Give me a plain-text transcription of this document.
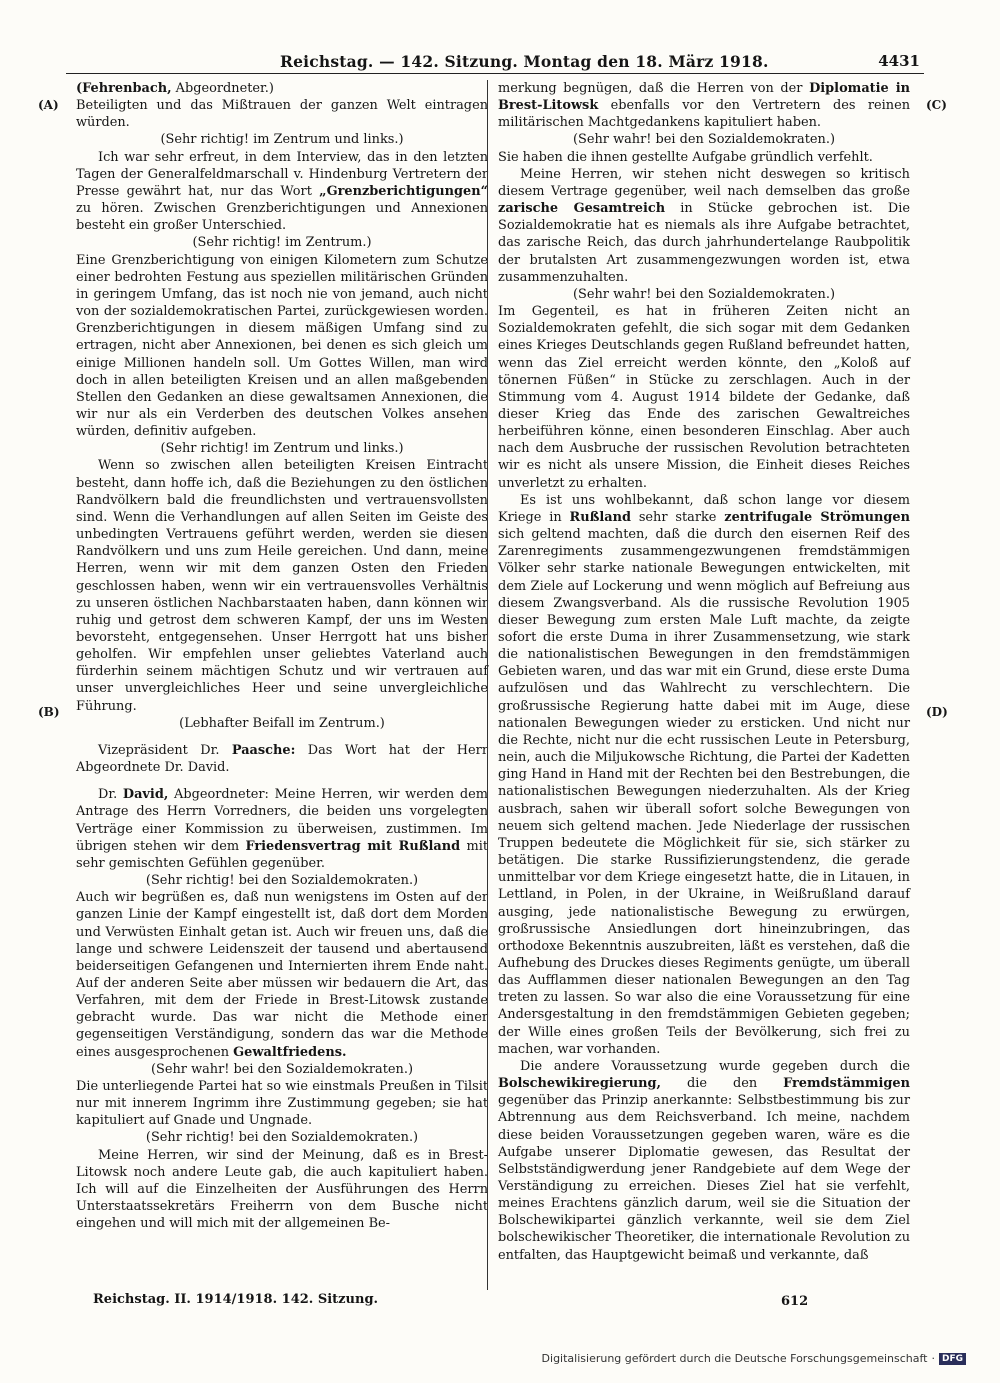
Reichstag. — 142. Sitzung. Montag den 18. März 1918.	4431
(A)
(B)
(C)
(D)

(Fehrenbach, Abgeordneter.)

Beteiligten und das Mißtrauen der ganzen Welt eintragen würden.

(Sehr richtig! im Zentrum und links.)

Ich war sehr erfreut, in dem Interview, das in den letzten Tagen der Generalfeldmarschall v. Hindenburg Vertretern der Presse gewährt hat, nur das Wort „Grenzberichtigungen“ zu hören. Zwischen Grenzberichtigungen und Annexionen besteht ein großer Unterschied.

(Sehr richtig! im Zentrum.)

Eine Grenzberichtigung von einigen Kilometern zum Schutze einer bedrohten Festung aus speziellen militärischen Gründen in geringem Umfang, das ist noch nie von jemand, auch nicht von der sozialdemokratischen Partei, zurückgewiesen worden. Grenzberichtigungen in diesem mäßigen Umfang sind zu ertragen, nicht aber Annexionen, bei denen es sich gleich um einige Millionen handeln soll. Um Gottes Willen, man wird doch in allen beteiligten Kreisen und an allen maßgebenden Stellen den Gedanken an diese gewaltsamen Annexionen, die wir nur als ein Verderben des deutschen Volkes ansehen würden, definitiv aufgeben.

(Sehr richtig! im Zentrum und links.)

Wenn so zwischen allen beteiligten Kreisen Eintracht besteht, dann hoffe ich, daß die Beziehungen zu den östlichen Randvölkern bald die freundlichsten und vertrauensvollsten sind. Wenn die Verhandlungen auf allen Seiten im Geiste des unbedingten Vertrauens geführt werden, werden sie diesen Randvölkern und uns zum Heile gereichen. Und dann, meine Herren, wenn wir mit dem ganzen Osten den Frieden geschlossen haben, wenn wir ein vertrauensvolles Verhältnis zu unseren östlichen Nachbarstaaten haben, dann können wir ruhig und getrost dem schweren Kampf, der uns im Westen bevorsteht, entgegensehen. Unser Herrgott hat uns bisher geholfen. Wir empfehlen unser geliebtes Vaterland auch fürderhin seinem mächtigen Schutz und wir vertrauen auf unser unvergleichliches Heer und seine unvergleichliche Führung.

(Lebhafter Beifall im Zentrum.)

Vizepräsident Dr. Paasche: Das Wort hat der Herr Abgeordnete Dr. David.

Dr. David, Abgeordneter: Meine Herren, wir werden dem Antrage des Herrn Vorredners, die beiden uns vorgelegten Verträge einer Kommission zu überweisen, zustimmen. Im übrigen stehen wir dem Friedensvertrag mit Rußland mit sehr gemischten Gefühlen gegenüber.

(Sehr richtig! bei den Sozialdemokraten.)

Auch wir begrüßen es, daß nun wenigstens im Osten auf der ganzen Linie der Kampf eingestellt ist, daß dort dem Morden und Verwüsten Einhalt getan ist. Auch wir freuen uns, daß die lange und schwere Leidenszeit der tausend und abertausend beiderseitigen Gefangenen und Internierten ihrem Ende naht. Auf der anderen Seite aber müssen wir bedauern die Art, das Verfahren, mit dem der Friede in Brest-Litowsk zustande gebracht wurde. Das war nicht die Methode einer gegenseitigen Verständigung, sondern das war die Methode eines ausgesprochenen Gewaltfriedens.

(Sehr wahr! bei den Sozialdemokraten.)

Die unterliegende Partei hat so wie einstmals Preußen in Tilsit nur mit innerem Ingrimm ihre Zustimmung gegeben; sie hat kapituliert auf Gnade und Ungnade.

(Sehr richtig! bei den Sozialdemokraten.)

Meine Herren, wir sind der Meinung, daß es in Brest-Litowsk noch andere Leute gab, die auch kapituliert haben. Ich will auf die Einzelheiten der Ausführungen des Herrn Unterstaatssekretärs Freiherrn von dem Busche nicht eingehen und will mich mit der allgemeinen Be-

merkung begnügen, daß die Herren von der Diplomatie in Brest-Litowsk ebenfalls vor den Vertretern des reinen militärischen Machtgedankens kapituliert haben.

(Sehr wahr! bei den Sozialdemokraten.)

Sie haben die ihnen gestellte Aufgabe gründlich verfehlt.

Meine Herren, wir stehen nicht deswegen so kritisch diesem Vertrage gegenüber, weil nach demselben das große zarische Gesamtreich in Stücke gebrochen ist. Die Sozialdemokratie hat es niemals als ihre Aufgabe betrachtet, das zarische Reich, das durch jahrhundertelange Raubpolitik der brutalsten Art zusammengezwungen worden ist, etwa zusammenzuhalten.

(Sehr wahr! bei den Sozialdemokraten.)

Im Gegenteil, es hat in früheren Zeiten nicht an Sozialdemokraten gefehlt, die sich sogar mit dem Gedanken eines Krieges Deutschlands gegen Rußland befreundet hatten, wenn das Ziel erreicht werden könnte, den „Koloß auf tönernen Füßen“ in Stücke zu zerschlagen. Auch in der Stimmung vom 4. August 1914 bildete der Gedanke, daß dieser Krieg das Ende des zarischen Gewaltreiches herbeiführen könne, einen besonderen Einschlag. Aber auch nach dem Ausbruche der russischen Revolution betrachteten wir es nicht als unsere Mission, die Einheit dieses Reiches unverletzt zu erhalten.

Es ist uns wohlbekannt, daß schon lange vor diesem Kriege in Rußland sehr starke zentrifugale Strömungen sich geltend machten, daß die durch den eisernen Reif des Zarenregiments zusammengezwungenen fremdstämmigen Völker sehr starke nationale Bewegungen entwickelten, mit dem Ziele auf Lockerung und wenn möglich auf Befreiung aus diesem Zwangsverband. Als die russische Revolution 1905 dieser Bewegung zum ersten Male Luft machte, da zeigte sofort die erste Duma in ihrer Zusammensetzung, wie stark die nationalistischen Bewegungen in den fremdstämmigen Gebieten waren, und das war mit ein Grund, diese erste Duma aufzulösen und das Wahlrecht zu verschlechtern. Die großrussische Regierung hatte dabei mit im Auge, diese nationalen Bewegungen wieder zu ersticken. Und nicht nur die Rechte, nicht nur die echt russischen Leute in Petersburg, nein, auch die Miljukowsche Richtung, die Partei der Kadetten ging Hand in Hand mit der Rechten bei den Bestrebungen, die nationalistischen Bewegungen niederzuhalten. Als der Krieg ausbrach, sahen wir überall sofort solche Bewegungen von neuem sich geltend machen. Jede Niederlage der russischen Truppen bedeutete die Möglichkeit für sie, sich stärker zu betätigen. Die starke Russifizierungstendenz, die gerade unmittelbar vor dem Kriege eingesetzt hatte, die in Litauen, in Lettland, in Polen, in der Ukraine, in Weißrußland darauf ausging, jede nationalistische Bewegung zu erwürgen, großrussische Ansiedlungen dort hineinzubringen, das orthodoxe Bekenntnis auszubreiten, läßt es verstehen, daß die Aufhebung des Druckes dieses Regiments genügte, um überall das Aufflammen dieser nationalen Bewegungen an den Tag treten zu lassen. So war also die eine Voraussetzung für eine Andersgestaltung in den fremdstämmigen Gebieten gegeben; der Wille eines großen Teils der Bevölkerung, sich frei zu machen, war vorhanden.

Die andere Voraussetzung wurde gegeben durch die Bolschewikiregierung, die den Fremdstämmigen gegenüber das Prinzip anerkannte: Selbstbestimmung bis zur Abtrennung aus dem Reichsverband. Ich meine, nachdem diese beiden Voraussetzungen gegeben waren, wäre es die Aufgabe unserer Diplomatie gewesen, das Resultat der Selbstständigwerdung jener Randgebiete auf dem Wege der Verständigung zu erreichen. Dieses Ziel hat sie verfehlt, meines Erachtens gänzlich darum, weil sie die Situation der Bolschewikipartei gänzlich verkannte, weil sie dem Ziel bolschewikischer Theoretiker, die internationale Revolution zu entfalten, das Hauptgewicht beimaß und verkannte, daß

Reichstag. II. 1914/1918. 142. Sitzung.	612
Digitalisierung gefördert durch die Deutsche Forschungsgemeinschaft · DFG
